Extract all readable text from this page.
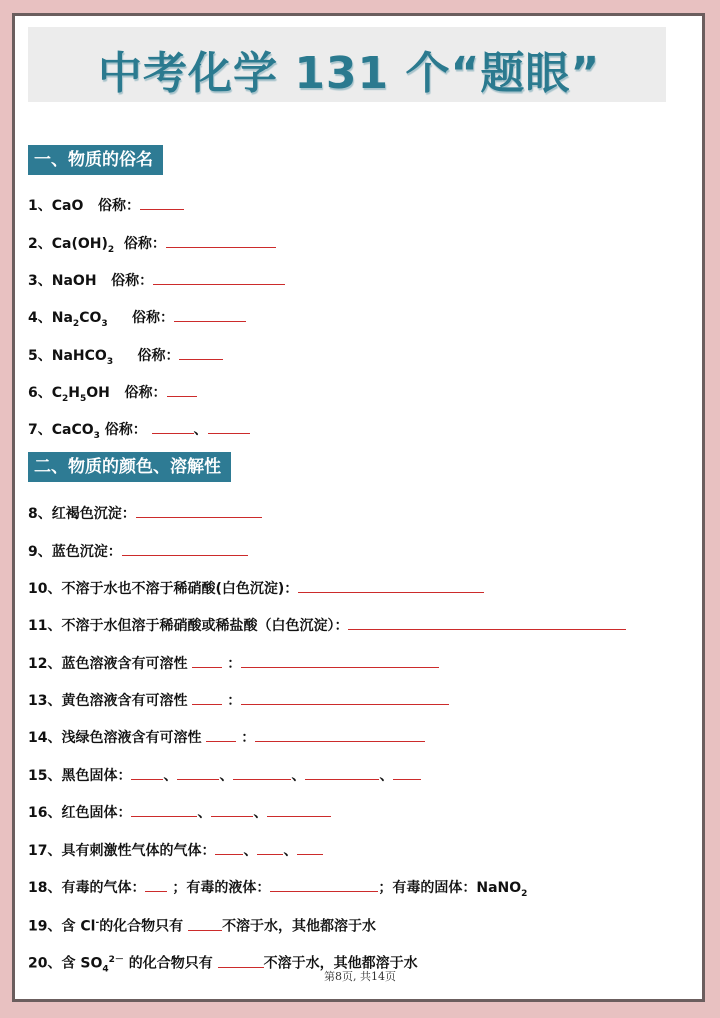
中考化学 131 个“题眼”
一、物质的俗名
1、CaO 俗称：
2、$Ca(OH)_2$ 俗称：
3、NaOH 俗称：
4、$Na_2CO_3$ 俗称：
5、NaHCO$_3$ 俗称：
6、$C_2H_5OH$ 俗称：
7、CaCO$_3$ 俗称：	、
二、物质的颜色、溶解性
8、红褐色沉淀：
9、蓝色沉淀：
10、不溶于水也不溶于稀硝酸(白色沉淀)：
11、不溶于水但溶于稀硝酸或稀盐酸（白色沉淀）：
12、蓝色溶液含有可溶性	：
13、黄色溶液含有可溶性	：
14、浅绿色溶液含有可溶性	：
15、黑色固体： 、	、	、	、
16、红色固体：	、	、
17、具有刺激性气体的气体： 、 、
18、有毒的气体： ；有毒的液体：	；有毒的固体：NaNO$_2$
19、含 Cl-的化合物只有	不溶于水，其他都溶于水
20、含 $SO_4^{2-}$ 的化合物只有	不溶于水，其他都溶于水
第8页, 共14页
